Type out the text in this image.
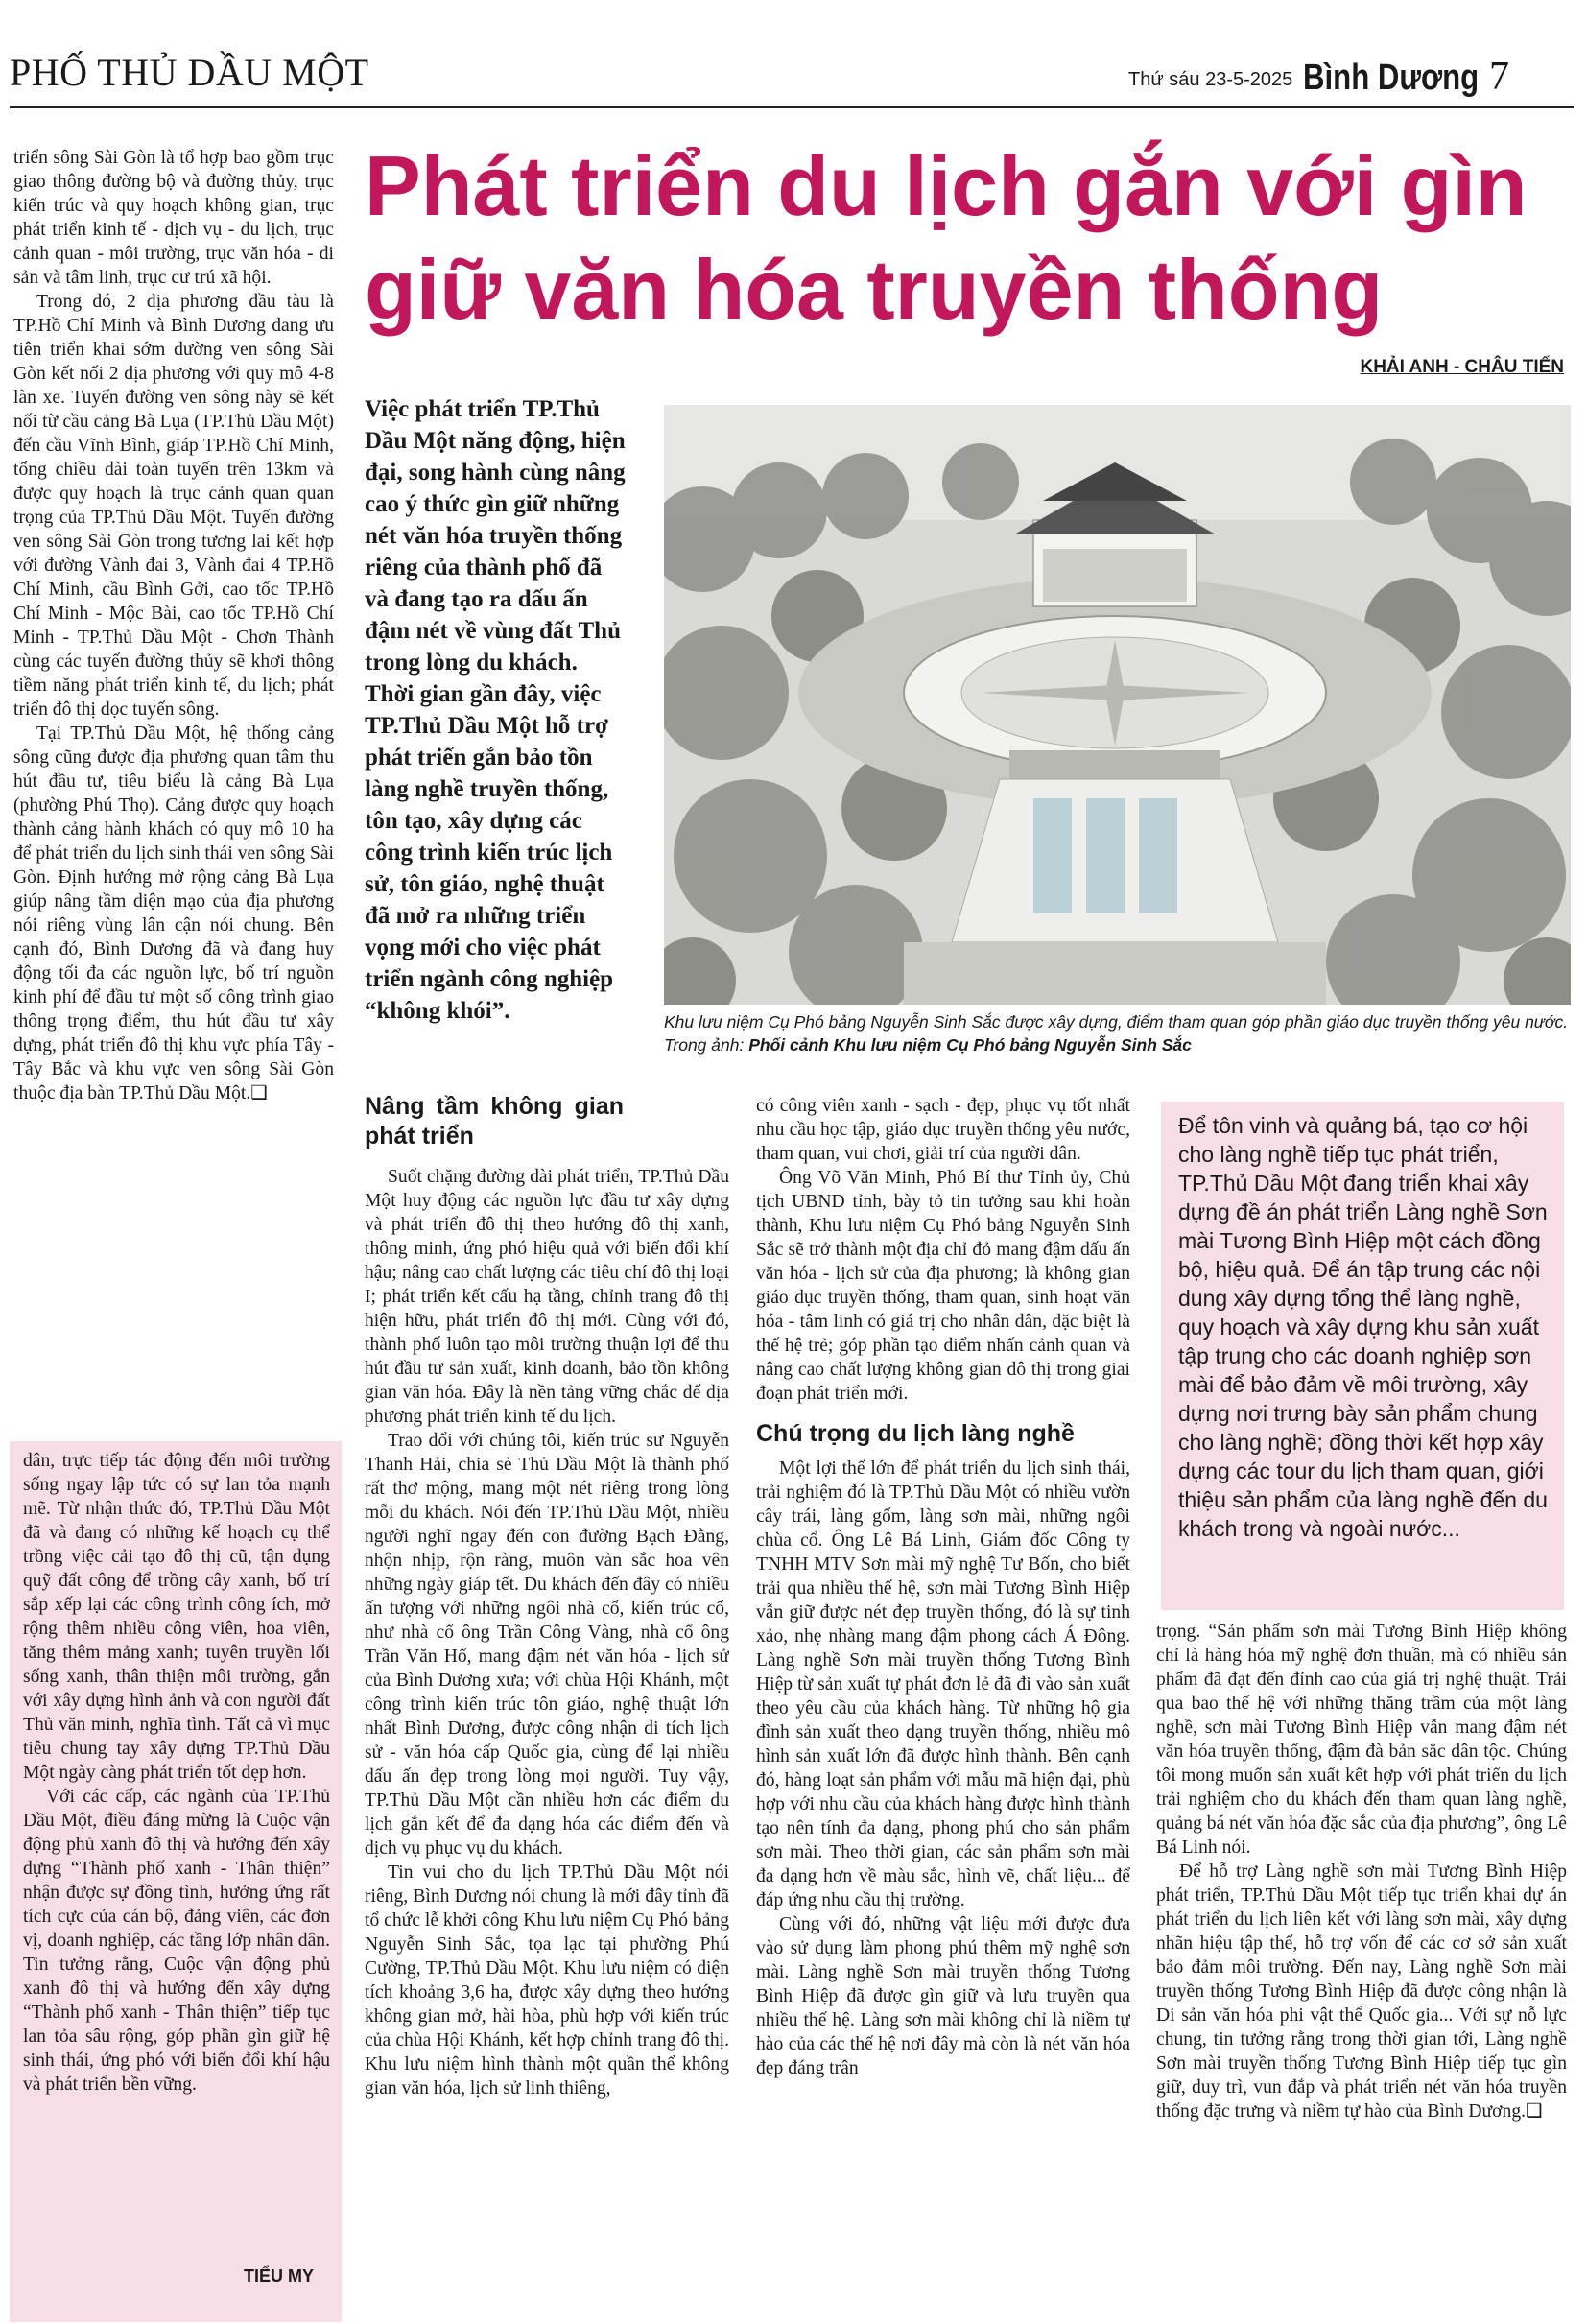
PHỐ THỦ DẦU MỘT	Thứ sáu 23-5-2025 Bình Dương 7

triển sông Sài Gòn là tổ hợp bao gồm trục giao thông đường bộ và đường thủy, trục kiến trúc và quy hoạch không gian, trục phát triển kinh tế - dịch vụ - du lịch, trục cảnh quan - môi trường, trục văn hóa - di sản và tâm linh, trục cư trú xã hội.

Trong đó, 2 địa phương đầu tàu là TP.Hồ Chí Minh và Bình Dương đang ưu tiên triển khai sớm đường ven sông Sài Gòn kết nối 2 địa phương với quy mô 4-8 làn xe. Tuyến đường ven sông này sẽ kết nối từ cầu cảng Bà Lụa (TP.Thủ Dầu Một) đến cầu Vĩnh Bình, giáp TP.Hồ Chí Minh, tổng chiều dài toàn tuyến trên 13km và được quy hoạch là trục cảnh quan quan trọng của TP.Thủ Dầu Một. Tuyến đường ven sông Sài Gòn trong tương lai kết hợp với đường Vành đai 3, Vành đai 4 TP.Hồ Chí Minh, cầu Bình Gởi, cao tốc TP.Hồ Chí Minh - Mộc Bài, cao tốc TP.Hồ Chí Minh - TP.Thủ Dầu Một - Chơn Thành cùng các tuyến đường thủy sẽ khơi thông tiềm năng phát triển kinh tế, du lịch; phát triển đô thị dọc tuyến sông.

Tại TP.Thủ Dầu Một, hệ thống cảng sông cũng được địa phương quan tâm thu hút đầu tư, tiêu biểu là cảng Bà Lụa (phường Phú Thọ). Cảng được quy hoạch thành cảng hành khách có quy mô 10 ha để phát triển du lịch sinh thái ven sông Sài Gòn. Định hướng mở rộng cảng Bà Lụa giúp nâng tầm diện mạo của địa phương nói riêng vùng lân cận nói chung. Bên cạnh đó, Bình Dương đã và đang huy động tối đa các nguồn lực, bố trí nguồn kinh phí để đầu tư một số công trình giao thông trọng điểm, thu hút đầu tư xây dựng, phát triển đô thị khu vực phía Tây - Tây Bắc và khu vực ven sông Sài Gòn thuộc địa bàn TP.Thủ Dầu Một.❑

dân, trực tiếp tác động đến môi trường sống ngay lập tức có sự lan tỏa mạnh mẽ. Từ nhận thức đó, TP.Thủ Dầu Một đã và đang có những kế hoạch cụ thể trồng việc cải tạo đô thị cũ, tận dụng quỹ đất công để trồng cây xanh, bố trí sắp xếp lại các công trình công ích, mở rộng thêm nhiều công viên, hoa viên, tăng thêm mảng xanh; tuyên truyền lối sống xanh, thân thiện môi trường, gắn với xây dựng hình ảnh và con người đất Thủ văn minh, nghĩa tình. Tất cả vì mục tiêu chung tay xây dựng TP.Thủ Dầu Một ngày càng phát triển tốt đẹp hơn.

Với các cấp, các ngành của TP.Thủ Dầu Một, điều đáng mừng là Cuộc vận động phủ xanh đô thị và hướng đến xây dựng “Thành phố xanh - Thân thiện” nhận được sự đồng tình, hưởng ứng rất tích cực của cán bộ, đảng viên, các đơn vị, doanh nghiệp, các tầng lớp nhân dân. Tin tưởng rằng, Cuộc vận động phủ xanh đô thị và hướng đến xây dựng “Thành phố xanh - Thân thiện” tiếp tục lan tỏa sâu rộng, góp phần gìn giữ hệ sinh thái, ứng phó với biến đổi khí hậu và phát triển bền vững.

TIỂU MY
Phát triển du lịch gắn với gìn giữ văn hóa truyền thống
KHẢI ANH - CHÂU TIẾN
Việc phát triển TP.Thủ Dầu Một năng động, hiện đại, song hành cùng nâng cao ý thức gìn giữ những nét văn hóa truyền thống riêng của thành phố đã và đang tạo ra dấu ấn đậm nét về vùng đất Thủ trong lòng du khách. Thời gian gần đây, việc TP.Thủ Dầu Một hỗ trợ phát triển gắn bảo tồn làng nghề truyền thống, tôn tạo, xây dựng các công trình kiến trúc lịch sử, tôn giáo, nghệ thuật đã mở ra những triển vọng mới cho việc phát triển ngành công nghiệp “không khói”.	Khu lưu niệm Cụ Phó bảng Nguyễn Sinh Sắc được xây dựng, điểm tham quan góp phần giáo dục truyền thống yêu nước. Trong ảnh: Phối cảnh Khu lưu niệm Cụ Phó bảng Nguyễn Sinh Sắc
Nâng tầm không gian phát triển

Suốt chặng đường dài phát triển, TP.Thủ Dầu Một huy động các nguồn lực đầu tư xây dựng và phát triển đô thị theo hướng đô thị xanh, thông minh, ứng phó hiệu quả với biến đổi khí hậu; nâng cao chất lượng các tiêu chí đô thị loại I; phát triển kết cấu hạ tầng, chỉnh trang đô thị hiện hữu, phát triển đô thị mới. Cùng với đó, thành phố luôn tạo môi trường thuận lợi để thu hút đầu tư sản xuất, kinh doanh, bảo tồn không gian văn hóa. Đây là nền tảng vững chắc để địa phương phát triển kinh tế du lịch.

Trao đổi với chúng tôi, kiến trúc sư Nguyễn Thanh Hải, chia sẻ Thủ Dầu Một là thành phố rất thơ mộng, mang một nét riêng trong lòng mỗi du khách. Nói đến TP.Thủ Dầu Một, nhiều người nghĩ ngay đến con đường Bạch Đằng, nhộn nhịp, rộn ràng, muôn vàn sắc hoa vên những ngày giáp tết. Du khách đến đây có nhiều ấn tượng với những ngôi nhà cổ, kiến trúc cổ, như nhà cổ ông Trần Công Vàng, nhà cổ ông Trần Văn Hổ, mang đậm nét văn hóa - lịch sử của Bình Dương xưa; với chùa Hội Khánh, một công trình kiến trúc tôn giáo, nghệ thuật lớn nhất Bình Dương, được công nhận di tích lịch sử - văn hóa cấp Quốc gia, cùng để lại nhiều dấu ấn đẹp trong lòng mọi người. Tuy vậy, TP.Thủ Dầu Một cần nhiều hơn các điểm du lịch gắn kết để đa dạng hóa các điểm đến và dịch vụ phục vụ du khách.

Tin vui cho du lịch TP.Thủ Dầu Một nói riêng, Bình Dương nói chung là mới đây tỉnh đã tổ chức lễ khởi công Khu lưu niệm Cụ Phó bảng Nguyễn Sinh Sắc, tọa lạc tại phường Phú Cường, TP.Thủ Dầu Một. Khu lưu niệm có diện tích khoảng 3,6 ha, được xây dựng theo hướng không gian mở, hài hòa, phù hợp với kiến trúc của chùa Hội Khánh, kết hợp chỉnh trang đô thị. Khu lưu niệm hình thành một quần thể không gian văn hóa, lịch sử linh thiêng,

có công viên xanh - sạch - đẹp, phục vụ tốt nhất nhu cầu học tập, giáo dục truyền thống yêu nước, tham quan, vui chơi, giải trí của người dân.

Ông Võ Văn Minh, Phó Bí thư Tỉnh ủy, Chủ tịch UBND tỉnh, bày tỏ tin tưởng sau khi hoàn thành, Khu lưu niệm Cụ Phó bảng Nguyễn Sinh Sắc sẽ trở thành một địa chỉ đỏ mang đậm dấu ấn văn hóa - lịch sử của địa phương; là không gian giáo dục truyền thống, tham quan, sinh hoạt văn hóa - tâm linh có giá trị cho nhân dân, đặc biệt là thế hệ trẻ; góp phần tạo điểm nhấn cảnh quan và nâng cao chất lượng không gian đô thị trong giai đoạn phát triển mới.

Chú trọng du lịch làng nghề

Một lợi thế lớn để phát triển du lịch sinh thái, trải nghiệm đó là TP.Thủ Dầu Một có nhiều vườn cây trái, làng gốm, làng sơn mài, những ngôi chùa cổ. Ông Lê Bá Linh, Giám đốc Công ty TNHH MTV Sơn mài mỹ nghệ Tư Bốn, cho biết trải qua nhiều thế hệ, sơn mài Tương Bình Hiệp vẫn giữ được nét đẹp truyền thống, đó là sự tinh xảo, nhẹ nhàng mang đậm phong cách Á Đông. Làng nghề Sơn mài truyền thống Tương Bình Hiệp từ sản xuất tự phát đơn lẻ đã đi vào sản xuất theo yêu cầu của khách hàng. Từ những hộ gia đình sản xuất theo dạng truyền thống, nhiều mô hình sản xuất lớn đã được hình thành. Bên cạnh đó, hàng loạt sản phẩm với mẫu mã hiện đại, phù hợp với nhu cầu của khách hàng được hình thành tạo nên tính đa dạng, phong phú cho sản phẩm sơn mài. Theo thời gian, các sản phẩm sơn mài đa dạng hơn về màu sắc, hình vẽ, chất liệu... để đáp ứng nhu cầu thị trường.

Cùng với đó, những vật liệu mới được đưa vào sử dụng làm phong phú thêm mỹ nghệ sơn mài. Làng nghề Sơn mài truyền thống Tương Bình Hiệp đã được gìn giữ và lưu truyền qua nhiều thế hệ. Làng sơn mài không chỉ là niềm tự hào của các thế hệ nơi đây mà còn là nét văn hóa đẹp đáng trân

Để tôn vinh và quảng bá, tạo cơ hội cho làng nghề tiếp tục phát triển, TP.Thủ Dầu Một đang triển khai xây dựng đề án phát triển Làng nghề Sơn mài Tương Bình Hiệp một cách đồng bộ, hiệu quả. Để án tập trung các nội dung xây dựng tổng thể làng nghề, quy hoạch và xây dựng khu sản xuất tập trung cho các doanh nghiệp sơn mài để bảo đảm về môi trường, xây dựng nơi trưng bày sản phẩm chung cho làng nghề; đồng thời kết hợp xây dựng các tour du lịch tham quan, giới thiệu sản phẩm của làng nghề đến du khách trong và ngoài nước...

trọng. “Sản phẩm sơn mài Tương Bình Hiệp không chỉ là hàng hóa mỹ nghệ đơn thuần, mà có nhiều sản phẩm đã đạt đến đỉnh cao của giá trị nghệ thuật. Trải qua bao thế hệ với những thăng trầm của một làng nghề, sơn mài Tương Bình Hiệp vẫn mang đậm nét văn hóa truyền thống, đậm đà bản sắc dân tộc. Chúng tôi mong muốn sản xuất kết hợp với phát triển du lịch trải nghiệm cho du khách đến tham quan làng nghề, quảng bá nét văn hóa đặc sắc của địa phương”, ông Lê Bá Linh nói.

Để hỗ trợ Làng nghề sơn mài Tương Bình Hiệp phát triển, TP.Thủ Dầu Một tiếp tục triển khai dự án phát triển du lịch liên kết với làng sơn mài, xây dựng nhãn hiệu tập thể, hỗ trợ vốn để các cơ sở sản xuất bảo đảm môi trường. Đến nay, Làng nghề Sơn mài truyền thống Tương Bình Hiệp đã được công nhận là Di sản văn hóa phi vật thể Quốc gia... Với sự nỗ lực chung, tin tưởng rằng trong thời gian tới, Làng nghề Sơn mài truyền thống Tương Bình Hiệp tiếp tục gìn giữ, duy trì, vun đắp và phát triển nét văn hóa truyền thống đặc trưng và niềm tự hào của Bình Dương.❑
